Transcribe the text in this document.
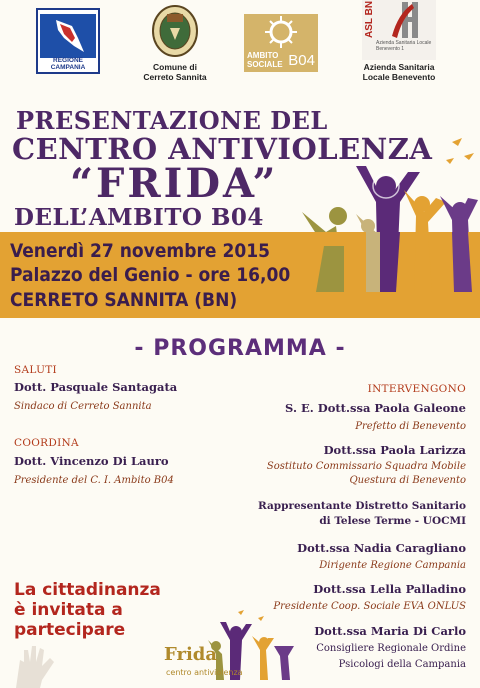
REGIONE CAMPANIA	Comune di
Cerreto Sannita
AMBITO
SOCIALE B04
ASL BN
Azienda Sanitaria Locale
Benevento 1
Azienda Sanitaria
Locale Benevento
PRESENTAZIONE DEL
CENTRO ANTIVIOLENZA
“FRIDA”
DELL’AMBITO B04
Venerdì 27 novembre 2015
Palazzo del Genio - ore 16,00
CERRETO SANNITA (BN)
- PROGRAMMA -
SALUTI
Dott. Pasquale Santagata
Sindaco di Cerreto Sannita
COORDINA
Dott. Vincenzo Di Lauro
Presidente del C. I. Ambito B04
INTERVENGONO
S. E. Dott.ssa Paola Galeone
Prefetto di Benevento
Dott.ssa Paola Larizza
Sostituto Commissario Squadra Mobile
Questura di Benevento
Rappresentante Distretto Sanitario
di Telese Terme - UOCMI
Dott.ssa Nadia Caragliano
Dirigente Regione Campania
Dott.ssa Lella Palladino
Presidente Coop. Sociale EVA ONLUS
Dott.ssa Maria Di Carlo
Consigliere Regionale Ordine
Psicologi della Campania
La cittadinanza
è invitata a
partecipare
Frida
centro antiviolenza
